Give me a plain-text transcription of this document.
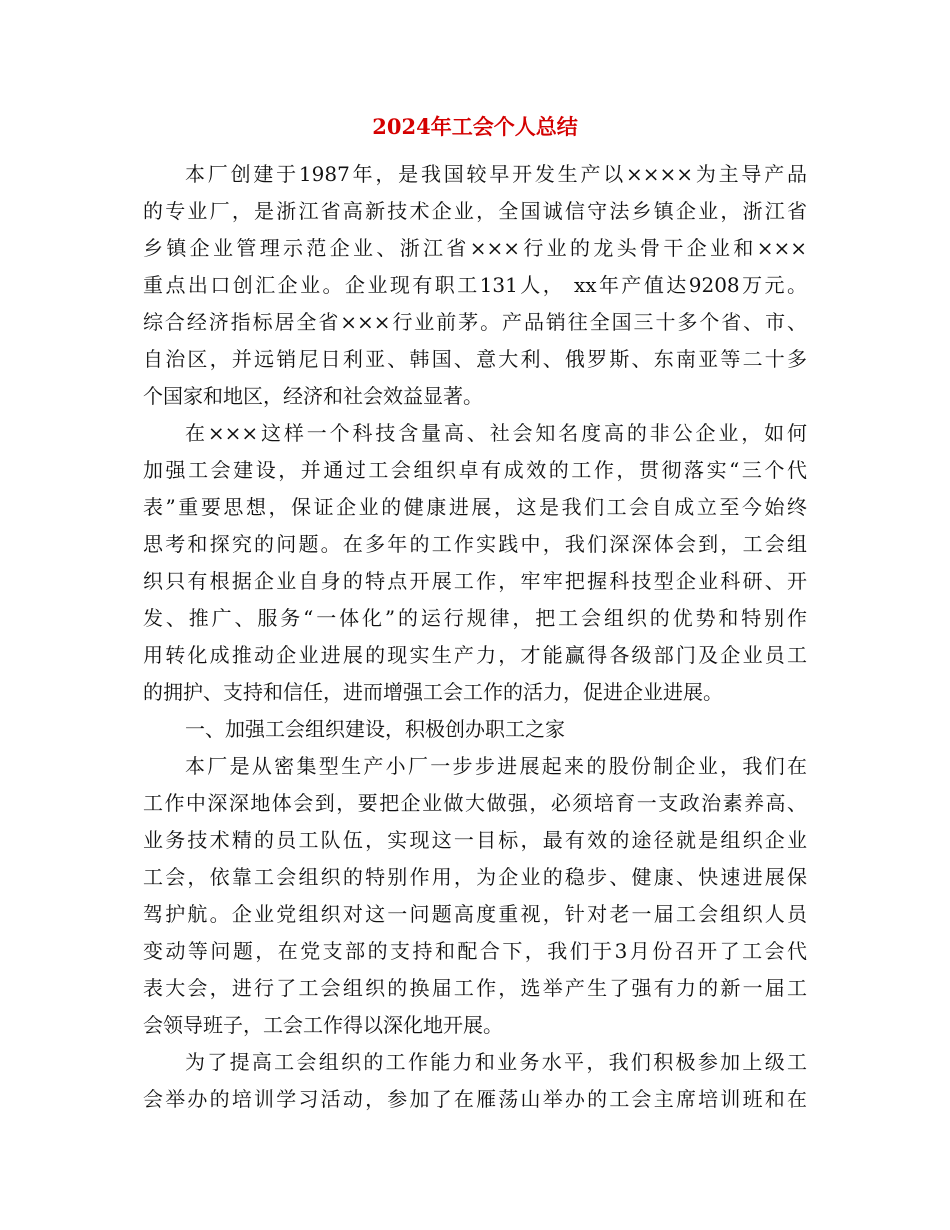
2024年工会个人总结
本厂创建于1987年，是我国较早开发生产以××××为主导产品
的专业厂，是浙江省高新技术企业，全国诚信守法乡镇企业，浙江省
乡镇企业管理示范企业、浙江省×××行业的龙头骨干企业和×××
重点出口创汇企业。企业现有职工131人， xx年产值达9208万元。
综合经济指标居全省×××行业前茅。产品销往全国三十多个省、市、
自治区，并远销尼日利亚、韩国、意大利、俄罗斯、东南亚等二十多
个国家和地区，经济和社会效益显著。
在×××这样一个科技含量高、社会知名度高的非公企业，如何
加强工会建设，并通过工会组织卓有成效的工作，贯彻落实“三个代
表”重要思想，保证企业的健康进展，这是我们工会自成立至今始终
思考和探究的问题。在多年的工作实践中，我们深深体会到，工会组
织只有根据企业自身的特点开展工作，牢牢把握科技型企业科研、开
发、推广、服务“一体化”的运行规律，把工会组织的优势和特别作
用转化成推动企业进展的现实生产力，才能赢得各级部门及企业员工
的拥护、支持和信任，进而增强工会工作的活力，促进企业进展。
一、加强工会组织建设，积极创办职工之家
本厂是从密集型生产小厂一步步进展起来的股份制企业，我们在
工作中深深地体会到，要把企业做大做强，必须培育一支政治素养高、
业务技术精的员工队伍，实现这一目标，最有效的途径就是组织企业
工会，依靠工会组织的特别作用，为企业的稳步、健康、快速进展保
驾护航。企业党组织对这一问题高度重视，针对老一届工会组织人员
变动等问题，在党支部的支持和配合下，我们于3月份召开了工会代
表大会，进行了工会组织的换届工作，选举产生了强有力的新一届工
会领导班子，工会工作得以深化地开展。
为了提高工会组织的工作能力和业务水平，我们积极参加上级工
会举办的培训学习活动，参加了在雁荡山举办的工会主席培训班和在
